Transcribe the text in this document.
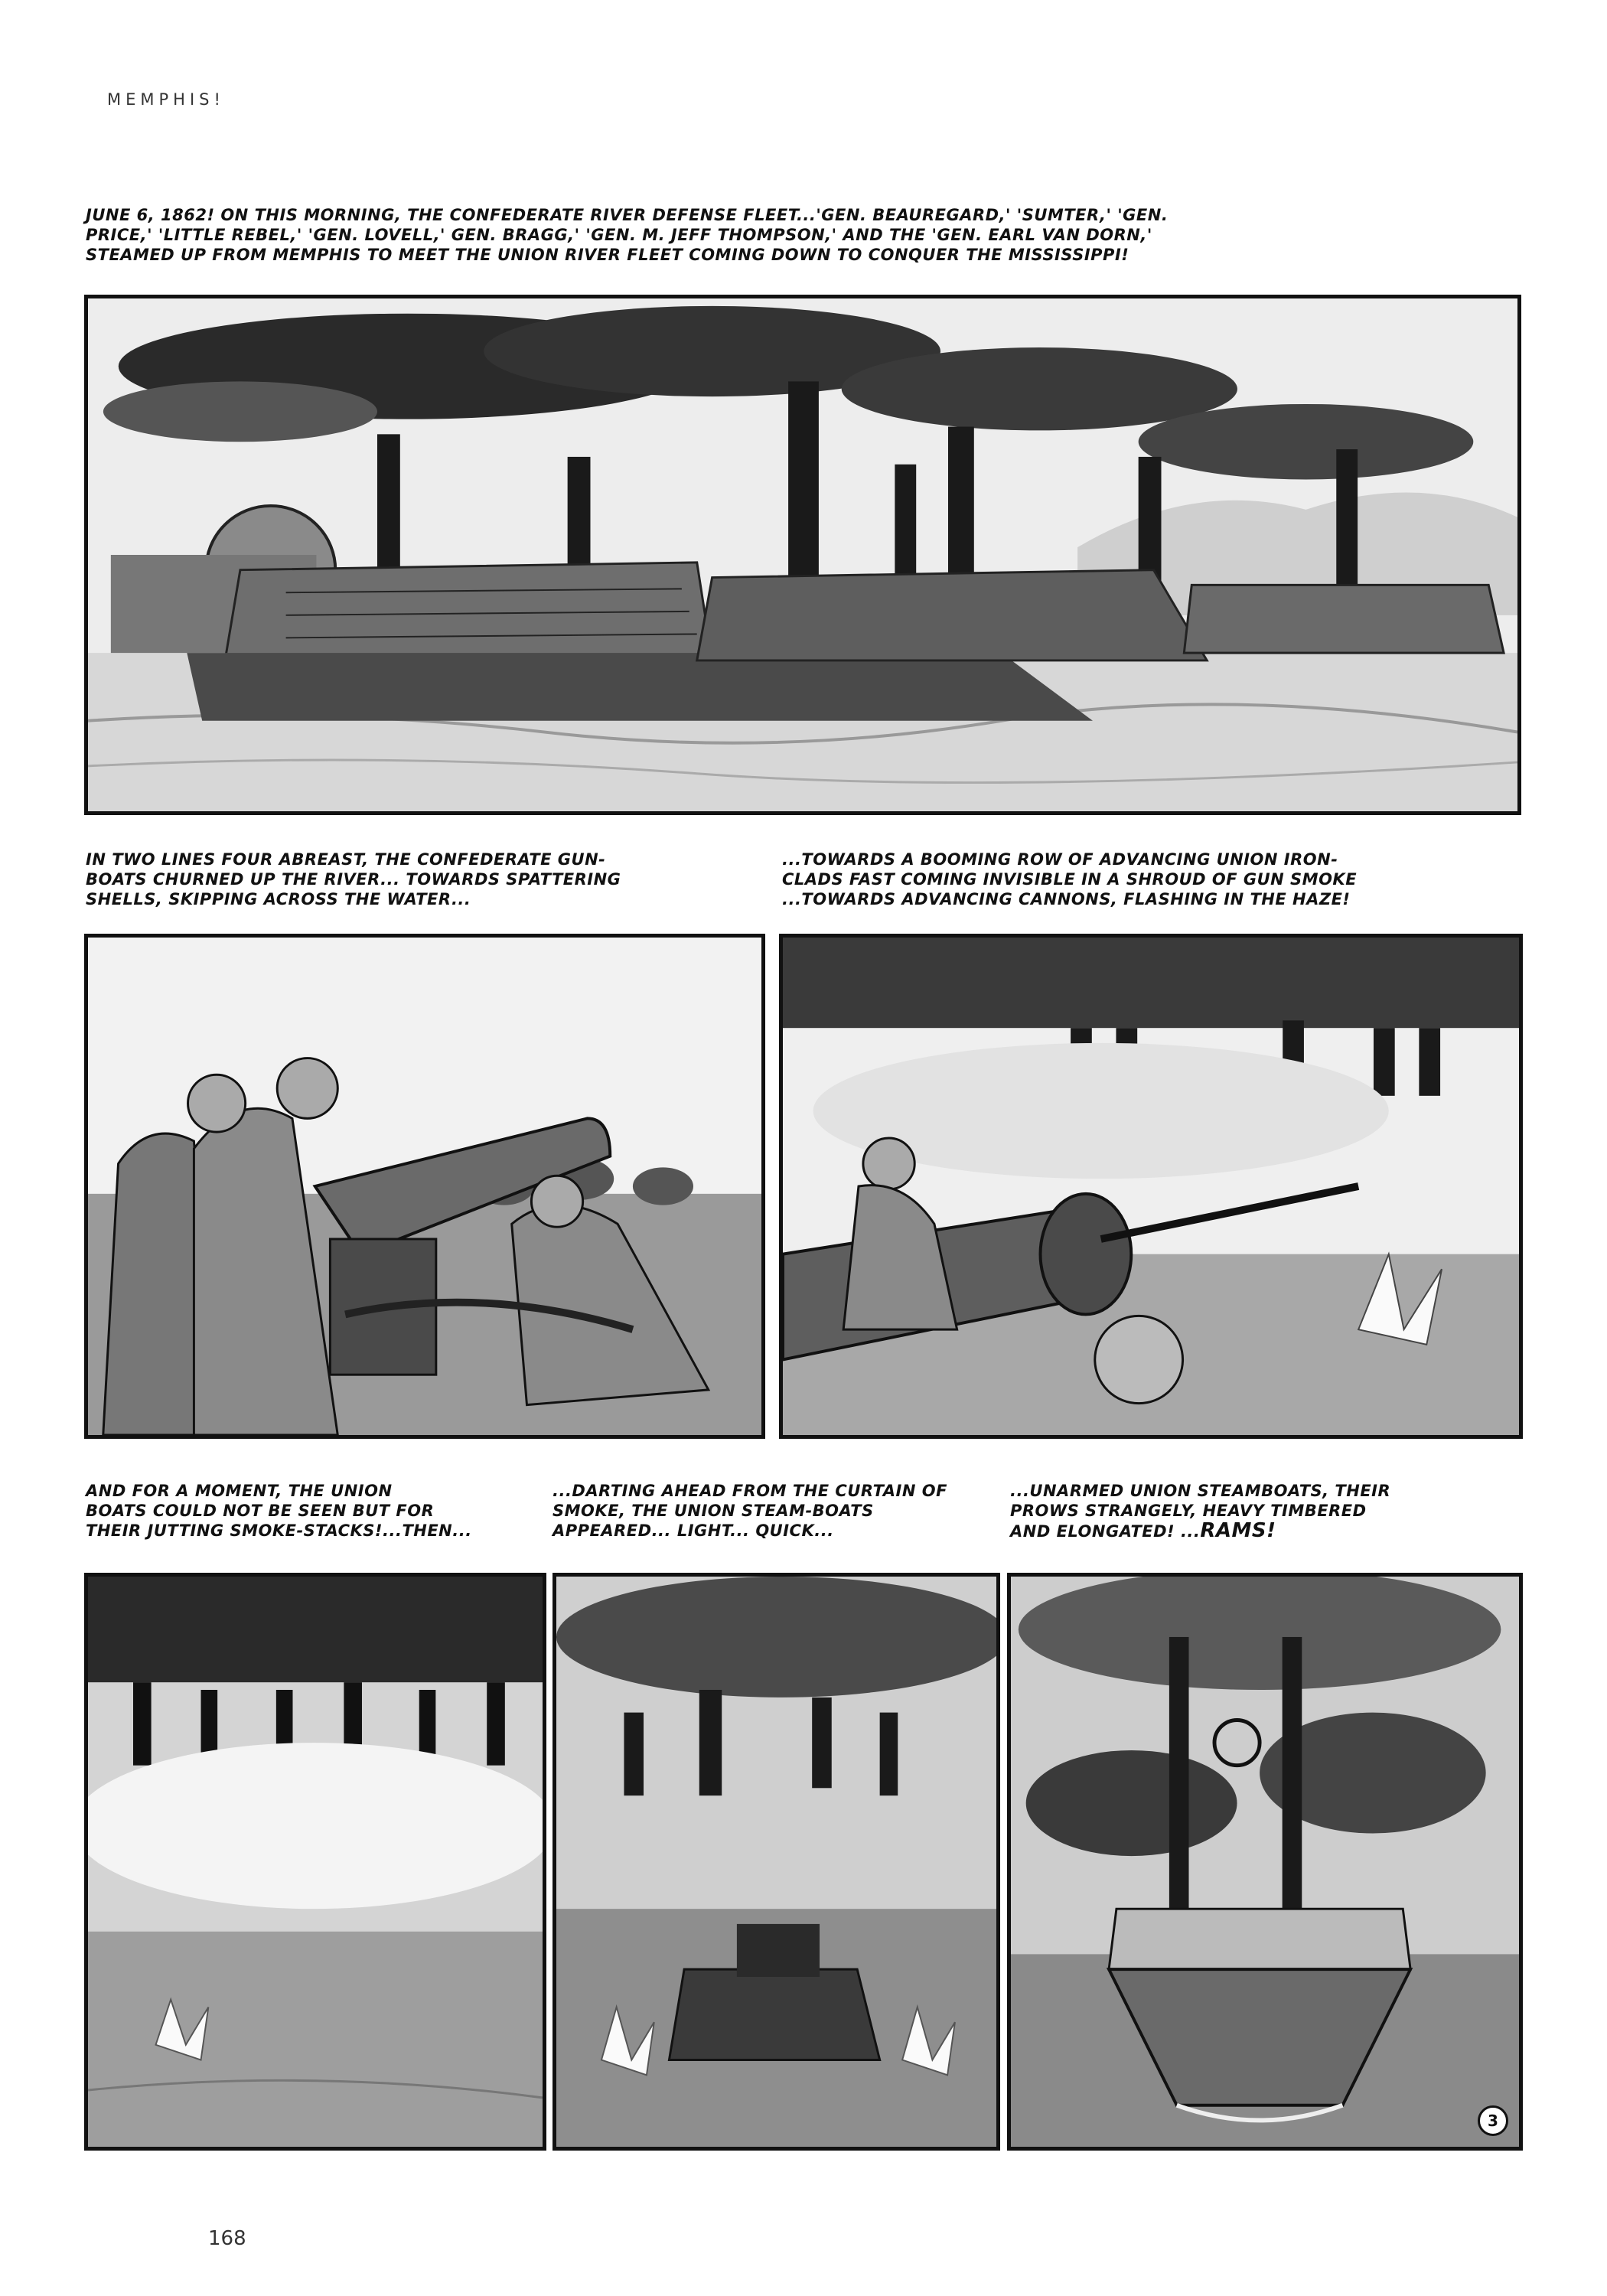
MEMPHIS!
JUNE 6, 1862! ON THIS MORNING, THE CONFEDERATE RIVER DEFENSE FLEET...'GEN. BEAUREGARD,' 'SUMTER,' 'GEN.
PRICE,' 'LITTLE REBEL,' 'GEN. LOVELL,' GEN. BRAGG,' 'GEN. M. JEFF THOMPSON,' AND THE 'GEN. EARL VAN DORN,'
STEAMED UP FROM MEMPHIS TO MEET THE UNION RIVER FLEET COMING DOWN TO CONQUER THE MISSISSIPPI!
IN TWO LINES FOUR ABREAST, THE CONFEDERATE GUN-
BOATS CHURNED UP THE RIVER... TOWARDS SPATTERING
SHELLS, SKIPPING ACROSS THE WATER...
...TOWARDS A BOOMING ROW OF ADVANCING UNION IRON-
CLADS FAST COMING INVISIBLE IN A SHROUD OF GUN SMOKE
...TOWARDS ADVANCING CANNONS, FLASHING IN THE HAZE!
AND FOR A MOMENT, THE UNION
BOATS COULD NOT BE SEEN BUT FOR
THEIR JUTTING SMOKE-STACKS!...THEN...
...DARTING AHEAD FROM THE CURTAIN OF
SMOKE, THE UNION STEAM-BOATS
APPEARED... LIGHT... QUICK...
...UNARMED UNION STEAMBOATS, THEIR
PROWS STRANGELY, HEAVY TIMBERED
AND ELONGATED! ...RAMS!
3
168
